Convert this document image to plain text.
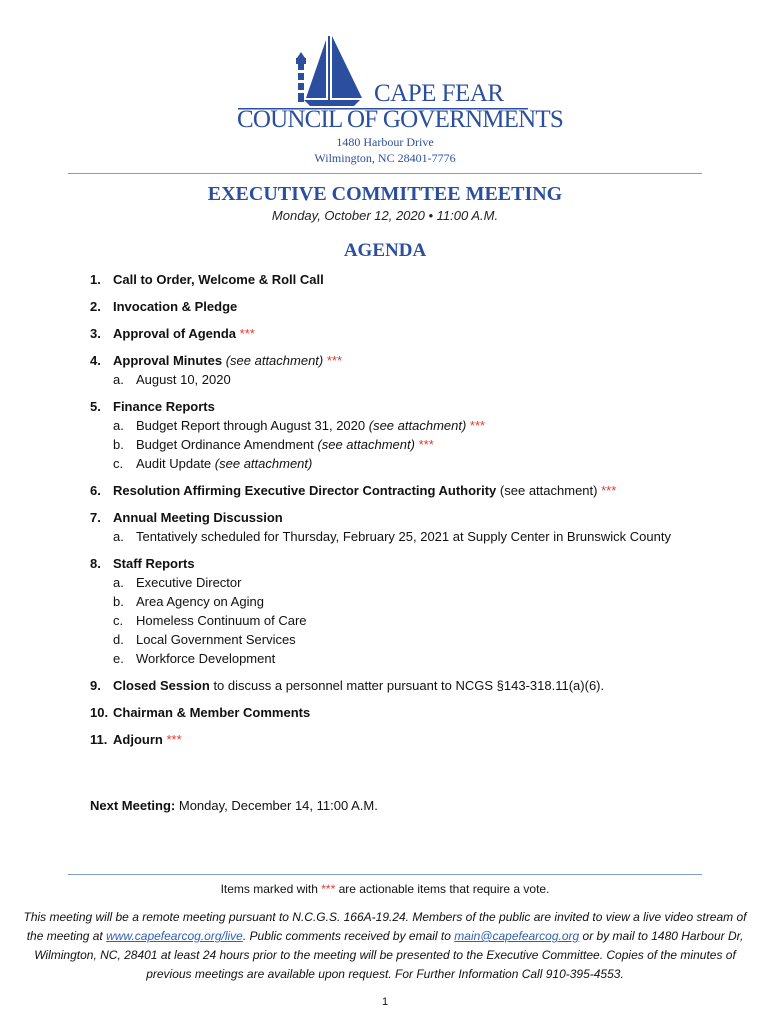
CAPE FEAR
COUNCIL OF GOVERNMENTS
1480 Harbour Drive
Wilmington, NC 28401-7776
EXECUTIVE COMMITTEE MEETING
Monday, October 12, 2020 • 11:00 A.M.
AGENDA
1. Call to Order, Welcome & Roll Call
2. Invocation & Pledge
3. Approval of Agenda ***
4. Approval Minutes (see attachment) ***
a. August 10, 2020
5. Finance Reports
a. Budget Report through August 31, 2020 (see attachment) ***
b. Budget Ordinance Amendment (see attachment) ***
c. Audit Update (see attachment)
6. Resolution Affirming Executive Director Contracting Authority (see attachment) ***
7. Annual Meeting Discussion
a. Tentatively scheduled for Thursday, February 25, 2021 at Supply Center in Brunswick County
8. Staff Reports
a. Executive Director
b. Area Agency on Aging
c. Homeless Continuum of Care
d. Local Government Services
e. Workforce Development
9. Closed Session to discuss a personnel matter pursuant to NCGS §143-318.11(a)(6).
10. Chairman & Member Comments
11. Adjourn ***
Next Meeting: Monday, December 14, 11:00 A.M.
Items marked with *** are actionable items that require a vote.
This meeting will be a remote meeting pursuant to N.C.G.S. 166A-19.24. Members of the public are invited to view a live video stream of the meeting at www.capefearcog.org/live. Public comments received by email to main@capefearcog.org or by mail to 1480 Harbour Dr, Wilmington, NC, 28401 at least 24 hours prior to the meeting will be presented to the Executive Committee. Copies of the minutes of previous meetings are available upon request. For Further Information Call 910-395-4553.
1
